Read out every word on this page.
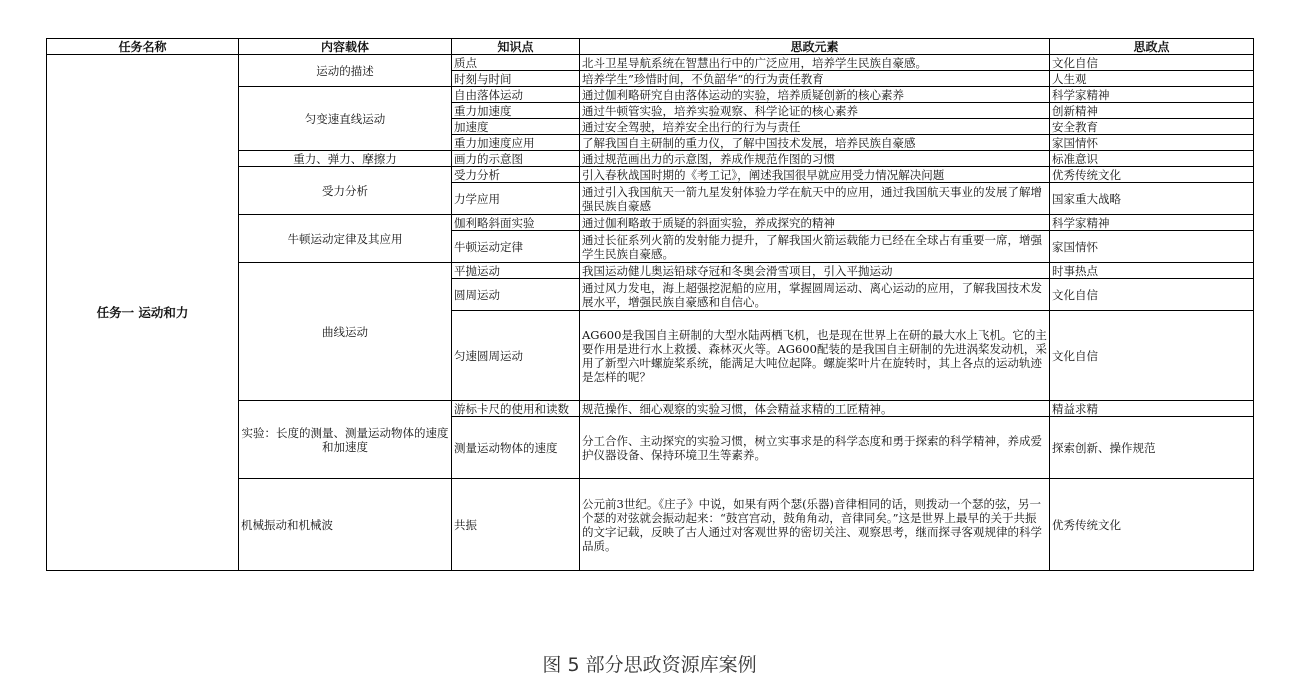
任务名称	内容载体	知识点	思政元素	思政点
任务一 运动和力	运动的描述	质点	北斗卫星导航系统在智慧出行中的广泛应用，培养学生民族自豪感。	文化自信
		时刻与时间	培养学生”珍惜时间，不负韶华“的行为责任教育	人生观
	匀变速直线运动	自由落体运动	通过伽利略研究自由落体运动的实验，培养质疑创新的核心素养	科学家精神
		重力加速度	通过牛顿管实验，培养实验观察、科学论证的核心素养	创新精神
		加速度	通过安全驾驶，培养安全出行的行为与责任	安全教育
		重力加速度应用	了解我国自主研制的重力仪，了解中国技术发展，培养民族自豪感	家国情怀
	重力、弹力、摩擦力	画力的示意图	通过规范画出力的示意图，养成作规范作图的习惯	标准意识
	受力分析	受力分析	引入春秋战国时期的《考工记》，阐述我国很早就应用受力情况解决问题	优秀传统文化
		力学应用	通过引入我国航天一箭九星发射体验力学在航天中的应用，通过我国航天事业的发展了解增强民族自豪感	国家重大战略
	牛顿运动定律及其应用	伽利略斜面实验	通过伽利略敢于质疑的斜面实验，养成探究的精神	科学家精神
		牛顿运动定律	通过长征系列火箭的发射能力提升，了解我国火箭运载能力已经在全球占有重要一席，增强学生民族自豪感。	家国情怀
	曲线运动	平抛运动	我国运动健儿奥运铅球夺冠和冬奥会滑雪项目，引入平抛运动	时事热点
		圆周运动	通过风力发电，海上超强挖泥船的应用，掌握圆周运动、离心运动的应用，了解我国技术发展水平，增强民族自豪感和自信心。	文化自信
		匀速圆周运动	AG600是我国自主研制的大型水陆两栖飞机，也是现在世界上在研的最大水上飞机。它的主要作用是进行水上救援、森林灭火等。AG600配装的是我国自主研制的先进涡桨发动机，采用了新型六叶螺旋桨系统，能满足大吨位起降。螺旋桨叶片在旋转时，其上各点的运动轨迹是怎样的呢？	文化自信
	实验：长度的测量、测量运动物体的速度和加速度	游标卡尺的使用和读数	规范操作、细心观察的实验习惯，体会精益求精的工匠精神。	精益求精
		测量运动物体的速度	分工合作、主动探究的实验习惯，树立实事求是的科学态度和勇于探索的科学精神，养成爱护仪器设备、保持环境卫生等素养。	探索创新、操作规范
	机械振动和机械波	共振	公元前3世纪。《庄子》中说，如果有两个瑟(乐器)音律相同的话，则拨动一个瑟的弦，另一个瑟的对弦就会振动起来：“鼓宫宫动，鼓角角动，音律同矣。”这是世界上最早的关于共振的文字记载，反映了古人通过对客观世界的密切关注、观察思考，继而探寻客观规律的科学品质。	优秀传统文化
图 5 部分思政资源库案例
